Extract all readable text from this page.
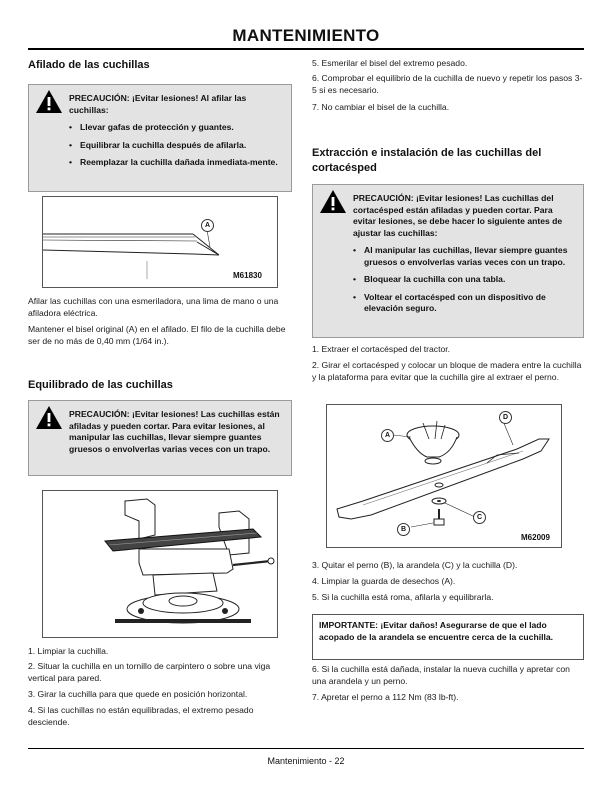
MANTENIMIENTO
Afilado de las cuchillas

PRECAUCIÓN: ¡Evitar lesiones! Al afilar las cuchillas:

• Llevar gafas de protección y guantes.
• Equilibrar la cuchilla después de afilarla.
• Reemplazar la cuchilla dañada inmediata-mente.
A
M61830

Afilar las cuchillas con una esmeriladora, una lima de mano o una afiladora eléctrica.

Mantener el bisel original (A) en el afilado. El filo de la cuchilla debe ser de no más de 0,40 mm (1/64 in.).

Equilibrado de las cuchillas

PRECAUCIÓN: ¡Evitar lesiones! Las cuchillas están afiladas y pueden cortar. Para evitar lesiones, al manipular las cuchillas, llevar siempre guantes gruesos o envolverlas varias veces con un trapo.

1. Limpiar la cuchilla.

2. Situar la cuchilla en un tornillo de carpintero o sobre una viga vertical para pared.

3. Girar la cuchilla para que quede en posición horizontal.

4. Si las cuchillas no están equilibradas, el extremo pesado desciende.

5. Esmerilar el bisel del extremo pesado.

6. Comprobar el equilibrio de la cuchilla de nuevo y repetir los pasos 3-5 si es necesario.

7. No cambiar el bisel de la cuchilla.

Extracción e instalación de las cuchillas del cortacésped

PRECAUCIÓN: ¡Evitar lesiones! Las cuchillas del cortacésped están afiladas y pueden cortar. Para evitar lesiones, se debe hacer lo siguiente antes de ajustar las cuchillas:

• Al manipular las cuchillas, llevar siempre guantes gruesos o envolverlas varias veces con un trapo.
• Bloquear la cuchilla con una tabla.
• Voltear el cortacésped con un dispositivo de elevación seguro.

1. Extraer el cortacésped del tractor.

2. Girar el cortacésped y colocar un bloque de madera entre la cuchilla y la plataforma para evitar que la cuchilla gire al extraer el perno.

A
D
C
B
M62009

3. Quitar el perno (B), la arandela (C) y la cuchilla (D).

4. Limpiar la guarda de desechos (A).

5. Si la cuchilla está roma, afilarla y equilibrarla.

IMPORTANTE: ¡Evitar daños! Asegurarse de que el lado acopado de la arandela se encuentre cerca de la cuchilla.

6. Si la cuchilla está dañada, instalar la nueva cuchilla y apretar con una arandela y un perno.

7. Apretar el perno a 112 Nm (83 lb-ft).

Mantenimiento - 22
